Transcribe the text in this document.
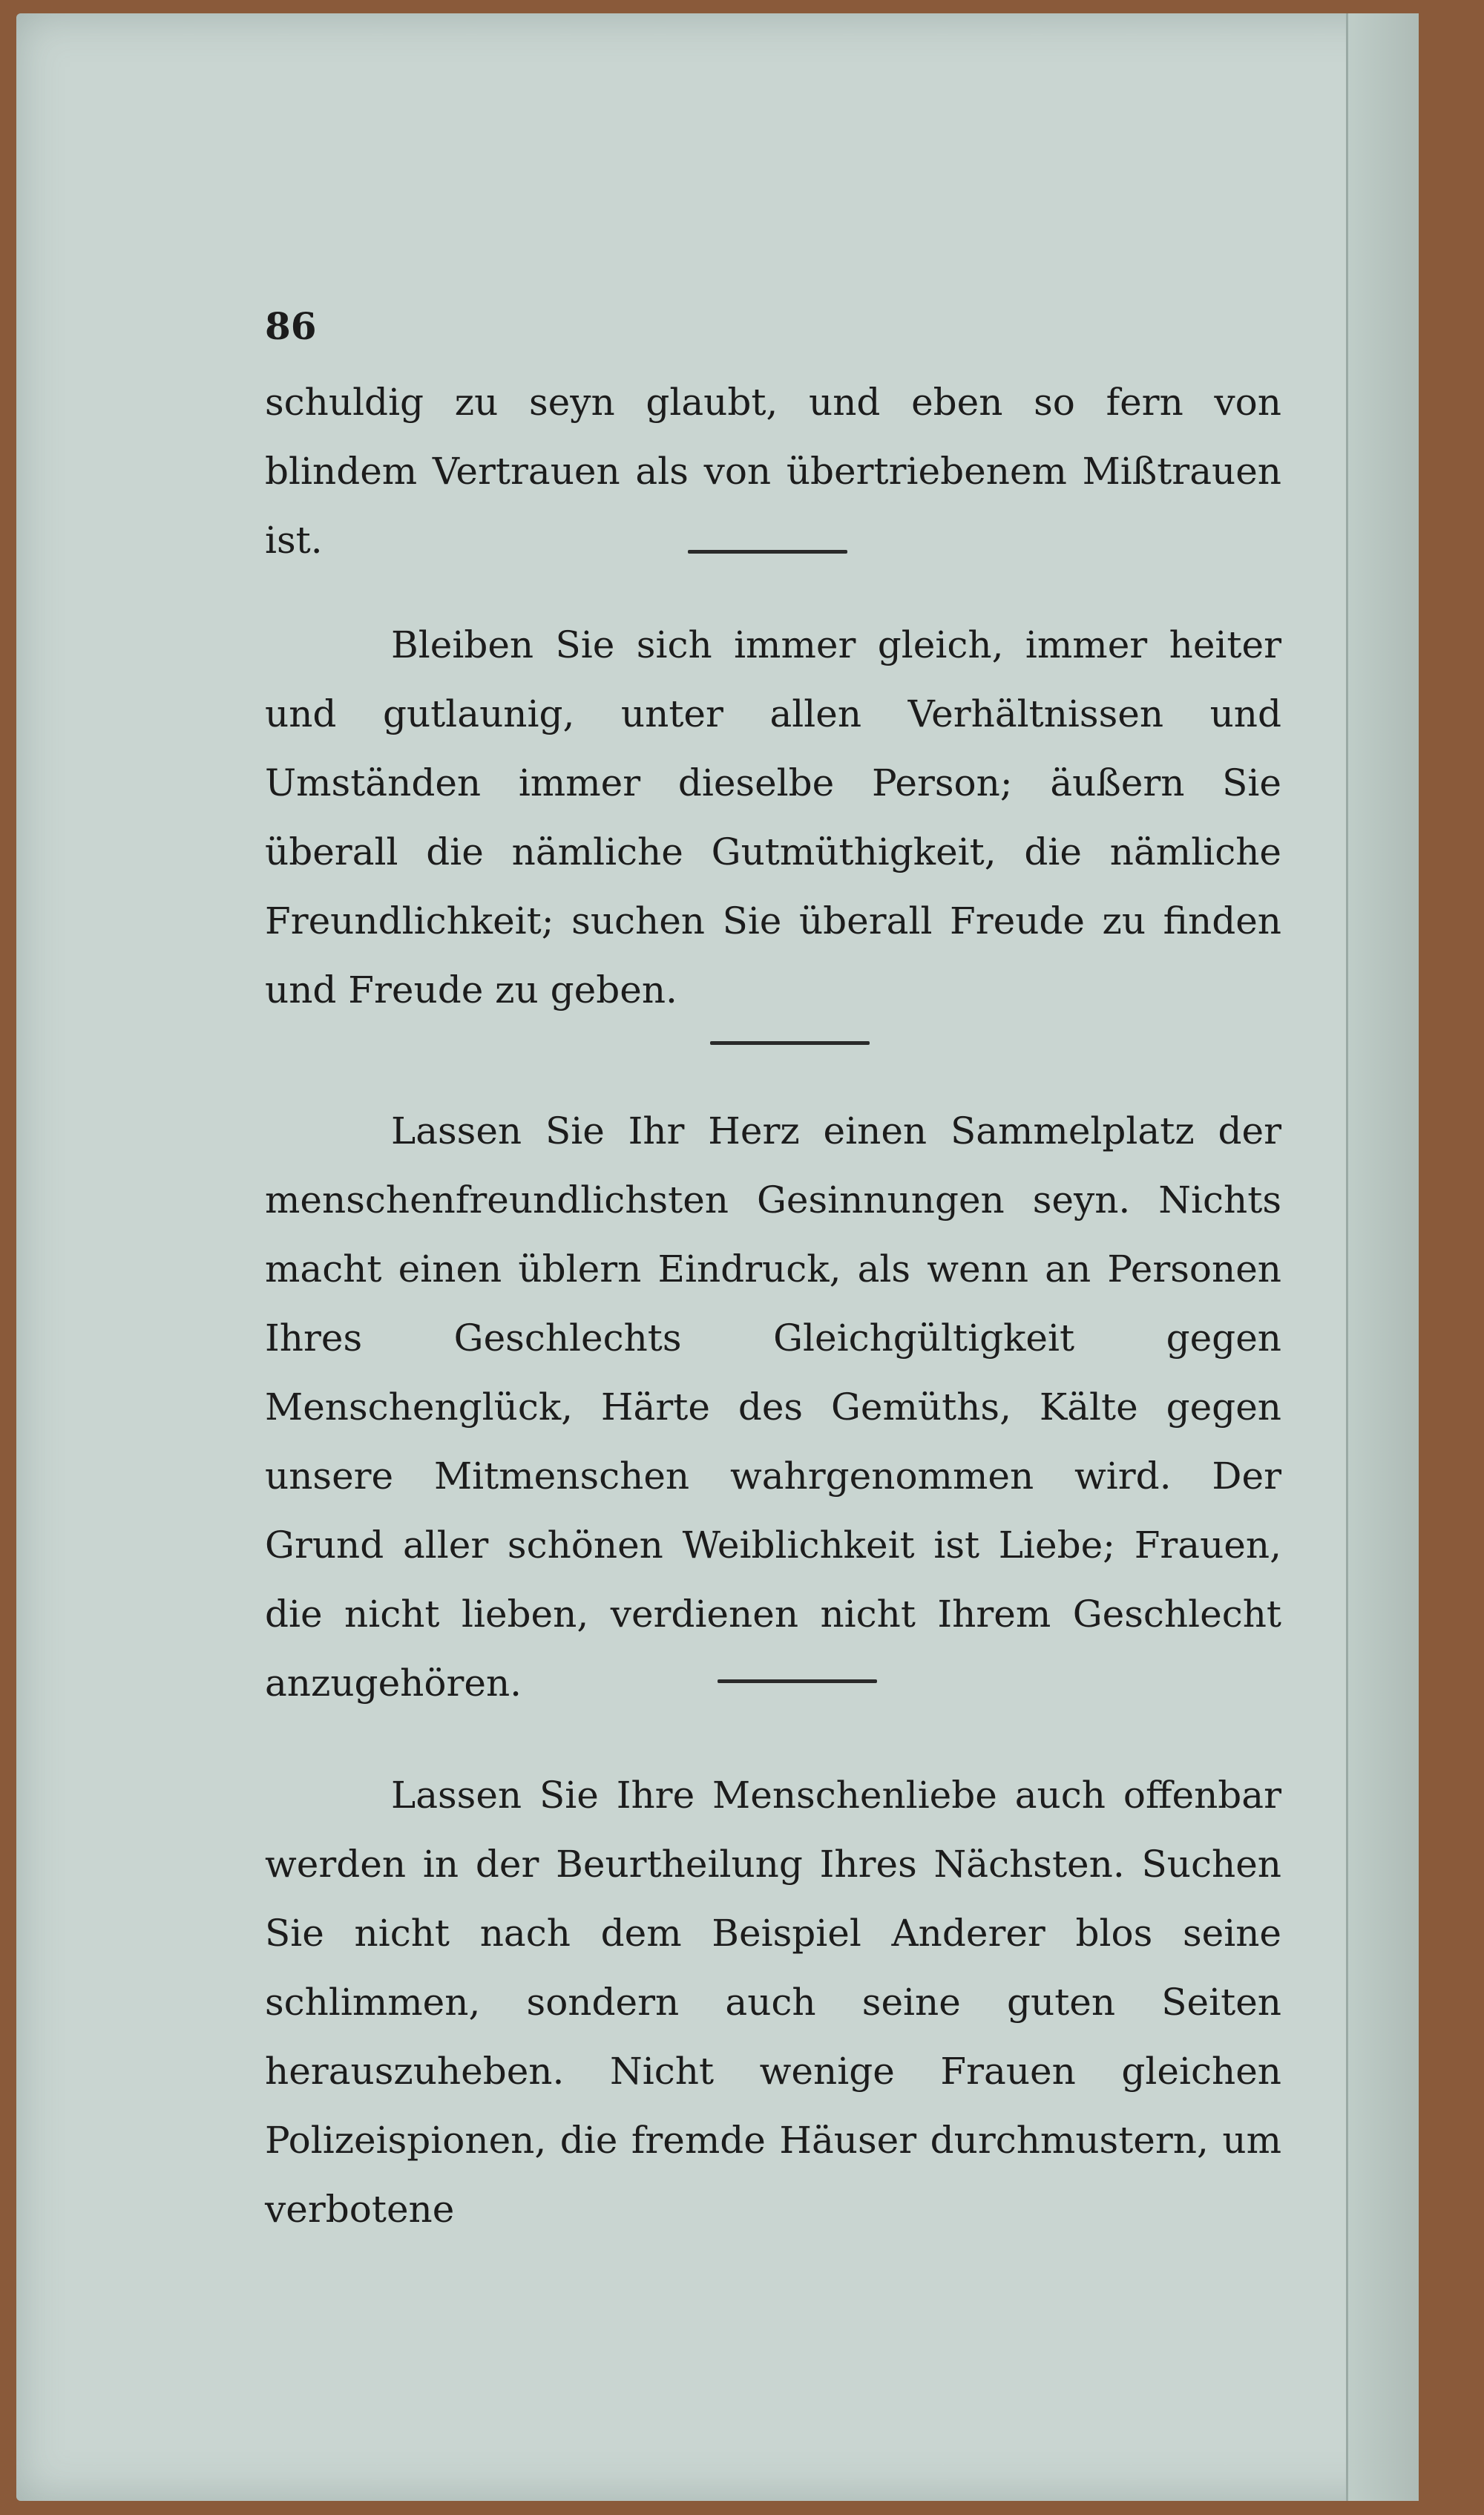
86

schuldig zu seyn glaubt, und eben so fern von blindem Vertrauen als von übertriebenem Mißtrauen ist.

Bleiben Sie sich immer gleich, immer heiter und gutlaunig, unter allen Verhältnissen und Umständen immer dieselbe Person; äußern Sie überall die nämliche Gutmüthigkeit, die nämliche Freundlichkeit; suchen Sie überall Freude zu finden und Freude zu geben.

Lassen Sie Ihr Herz einen Sammelplatz der menschenfreundlichsten Gesinnungen seyn. Nichts macht einen üblern Eindruck, als wenn an Personen Ihres Geschlechts Gleichgültigkeit gegen Menschenglück, Härte des Gemüths, Kälte gegen unsere Mitmenschen wahrgenommen wird. Der Grund aller schönen Weiblichkeit ist Liebe; Frauen, die nicht lieben, verdienen nicht Ihrem Geschlecht anzugehören.

Lassen Sie Ihre Menschenliebe auch offenbar werden in der Beurtheilung Ihres Nächsten. Suchen Sie nicht nach dem Beispiel Anderer blos seine schlimmen, sondern auch seine guten Seiten herauszuheben. Nicht wenige Frauen gleichen Polizeispionen, die fremde Häuser durchmustern, um verbotene
